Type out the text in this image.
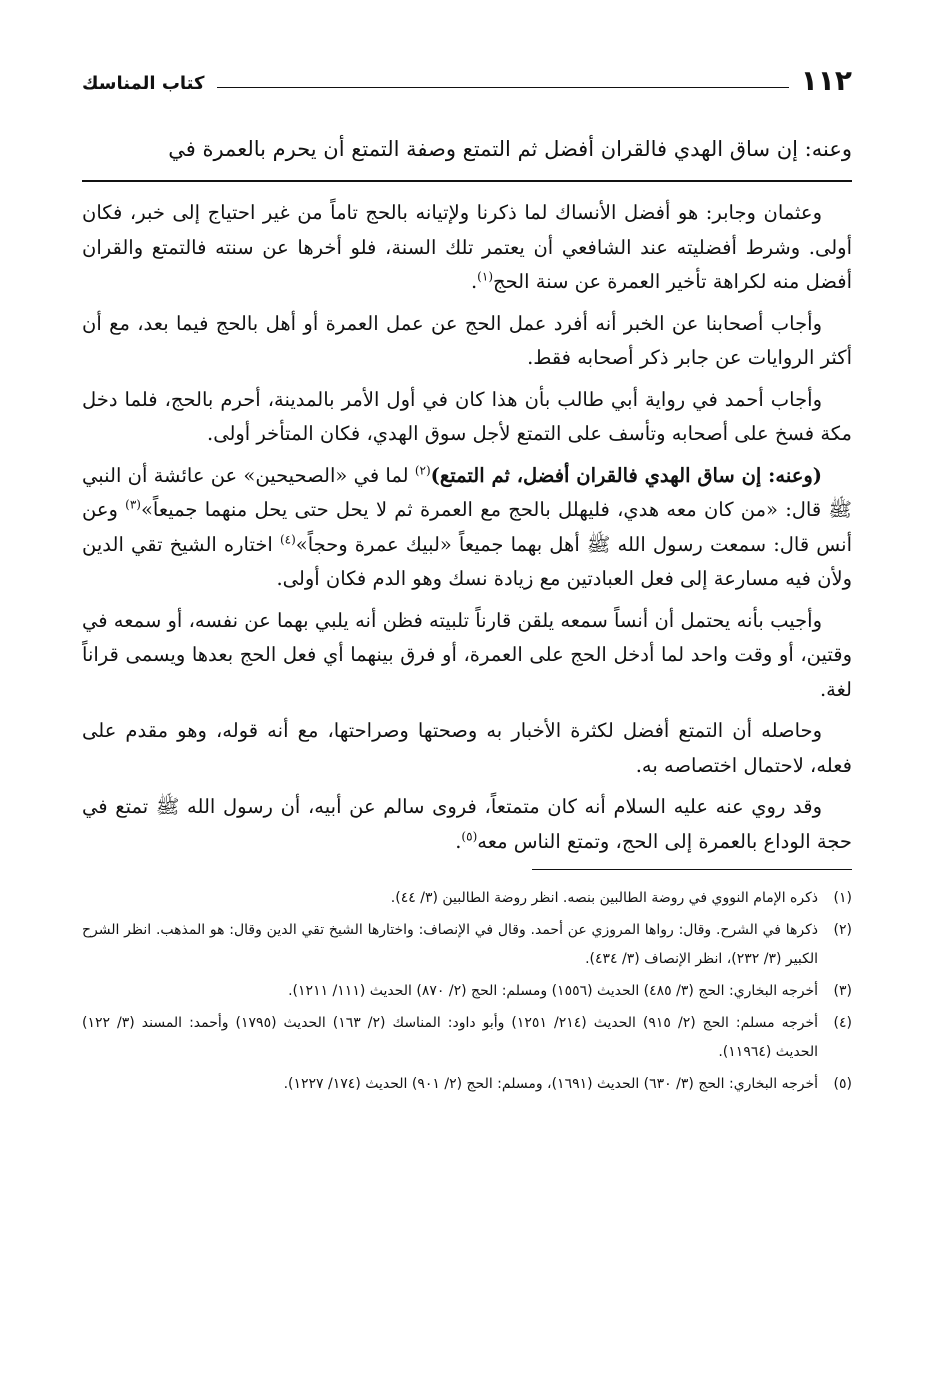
١١٢
كتاب المناسك
وعنه: إن ساق الهدي فالقران أفضل ثم التمتع وصفة التمتع أن يحرم بالعمرة في

وعثمان وجابر: هو أفضل الأنساك لما ذكرنا ولإتيانه بالحج تاماً من غير احتياج إلى خبر، فكان أولى. وشرط أفضليته عند الشافعي أن يعتمر تلك السنة، فلو أخرها عن سنته فالتمتع والقران أفضل منه لكراهة تأخير العمرة عن سنة الحج$^{(١)}$.

وأجاب أصحابنا عن الخبر أنه أفرد عمل الحج عن عمل العمرة أو أهل بالحج فيما بعد، مع أن أكثر الروايات عن جابر ذكر أصحابه فقط.

وأجاب أحمد في رواية أبي طالب بأن هذا كان في أول الأمر بالمدينة، أحرم بالحج، فلما دخل مكة فسخ على أصحابه وتأسف على التمتع لأجل سوق الهدي، فكان المتأخر أولى.

(وعنه: إن ساق الهدي فالقران أفضل، ثم التمتع)$^{(٢)}$ لما في «الصحيحين» عن عائشة أن النبي ﷺ قال: «من كان معه هدي، فليهلل بالحج مع العمرة ثم لا يحل حتى يحل منهما جميعاً»$^{(٣)}$ وعن أنس قال: سمعت رسول الله ﷺ أهل بهما جميعاً «لبيك عمرة وحجاً»$^{(٤)}$ اختاره الشيخ تقي الدين ولأن فيه مسارعة إلى فعل العبادتين مع زيادة نسك وهو الدم فكان أولى.

وأجيب بأنه يحتمل أن أنساً سمعه يلقن قارناً تلبيته فظن أنه يلبي بهما عن نفسه، أو سمعه في وقتين، أو وقت واحد لما أدخل الحج على العمرة، أو فرق بينهما أي فعل الحج بعدها ويسمى قراناً لغة.

وحاصله أن التمتع أفضل لكثرة الأخبار به وصحتها وصراحتها، مع أنه قوله، وهو مقدم على فعله، لاحتمال اختصاصه به.

وقد روي عنه عليه السلام أنه كان متمتعاً، فروى سالم عن أبيه، أن رسول الله ﷺ تمتع في حجة الوداع بالعمرة إلى الحج، وتمتع الناس معه$^{(٥)}$.

(١)
ذكره الإمام النووي في روضة الطالبين بنصه. انظر روضة الطالبين (٣/ ٤٤).
(٢)
ذكرها في الشرح. وقال: رواها المروزي عن أحمد. وقال في الإنصاف: واختارها الشيخ تقي الدين وقال: هو المذهب. انظر الشرح الكبير (٣/ ٢٣٢)، انظر الإنصاف (٣/ ٤٣٤).
(٣)
أخرجه البخاري: الحج (٣/ ٤٨٥) الحديث (١٥٥٦) ومسلم: الحج (٢/ ٨٧٠) الحديث (١١١/ ١٢١١).
(٤)
أخرجه مسلم: الحج (٢/ ٩١٥) الحديث (٢١٤/ ١٢٥١) وأبو داود: المناسك (٢/ ١٦٣) الحديث (١٧٩٥) وأحمد: المسند (٣/ ١٢٢) الحديث (١١٩٦٤).
(٥)
أخرجه البخاري: الحج (٣/ ٦٣٠) الحديث (١٦٩١)، ومسلم: الحج (٢/ ٩٠١) الحديث (١٧٤/ ١٢٢٧).
